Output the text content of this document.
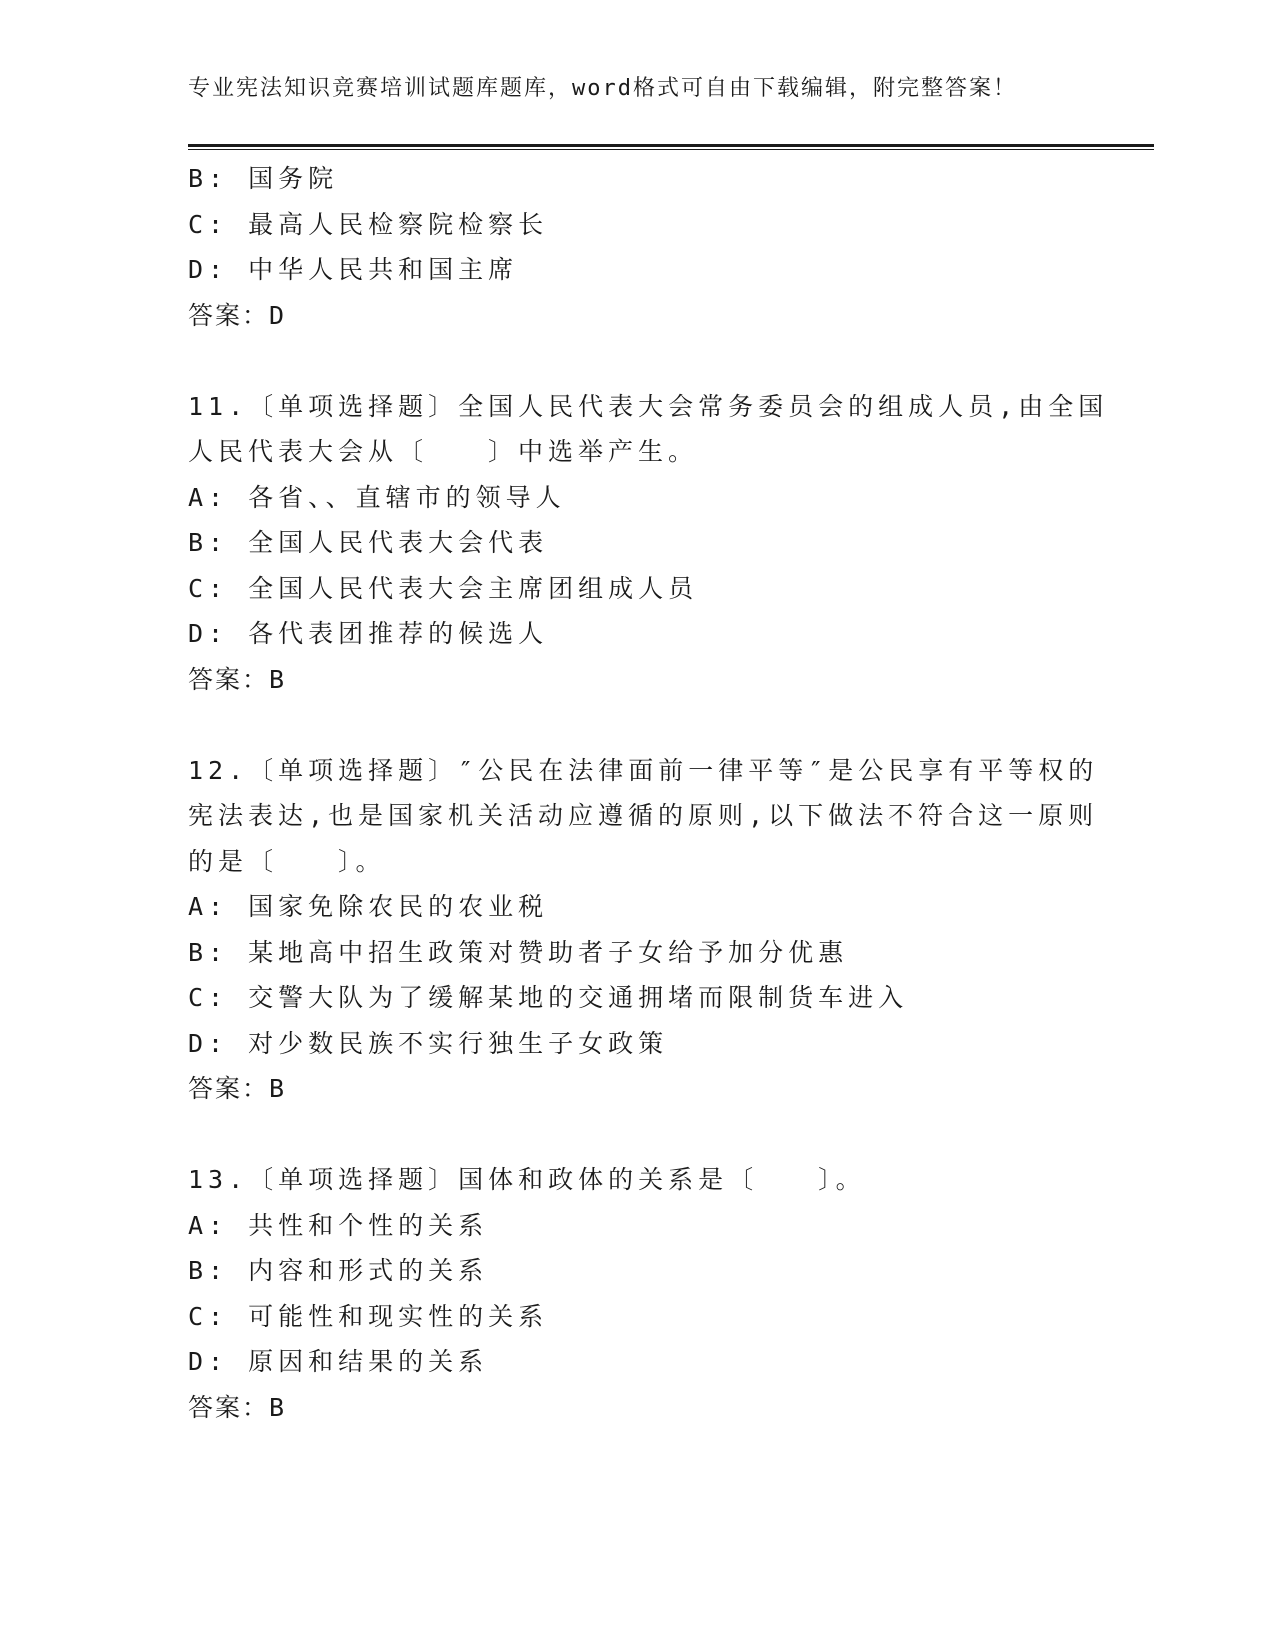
专业宪法知识竞赛培训试题库题库，word格式可自由下载编辑，附完整答案！
B: 国务院
C: 最高人民检察院检察长
D: 中华人民共和国主席
答案：D
11.〔单项选择题〕全国人民代表大会常务委员会的组成人员,由全国
人民代表大会从〔　　〕中选举产生。
A: 各省、、直辖市的领导人
B: 全国人民代表大会代表
C: 全国人民代表大会主席团组成人员
D: 各代表团推荐的候选人
答案：B
12.〔单项选择题〕″公民在法律面前一律平等″是公民享有平等权的
宪法表达,也是国家机关活动应遵循的原则,以下做法不符合这一原则
的是〔　　〕。
A: 国家免除农民的农业税
B: 某地高中招生政策对赞助者子女给予加分优惠
C: 交警大队为了缓解某地的交通拥堵而限制货车进入
D: 对少数民族不实行独生子女政策
答案：B
13.〔单项选择题〕国体和政体的关系是〔　　〕。
A: 共性和个性的关系
B: 内容和形式的关系
C: 可能性和现实性的关系
D: 原因和结果的关系
答案：B
